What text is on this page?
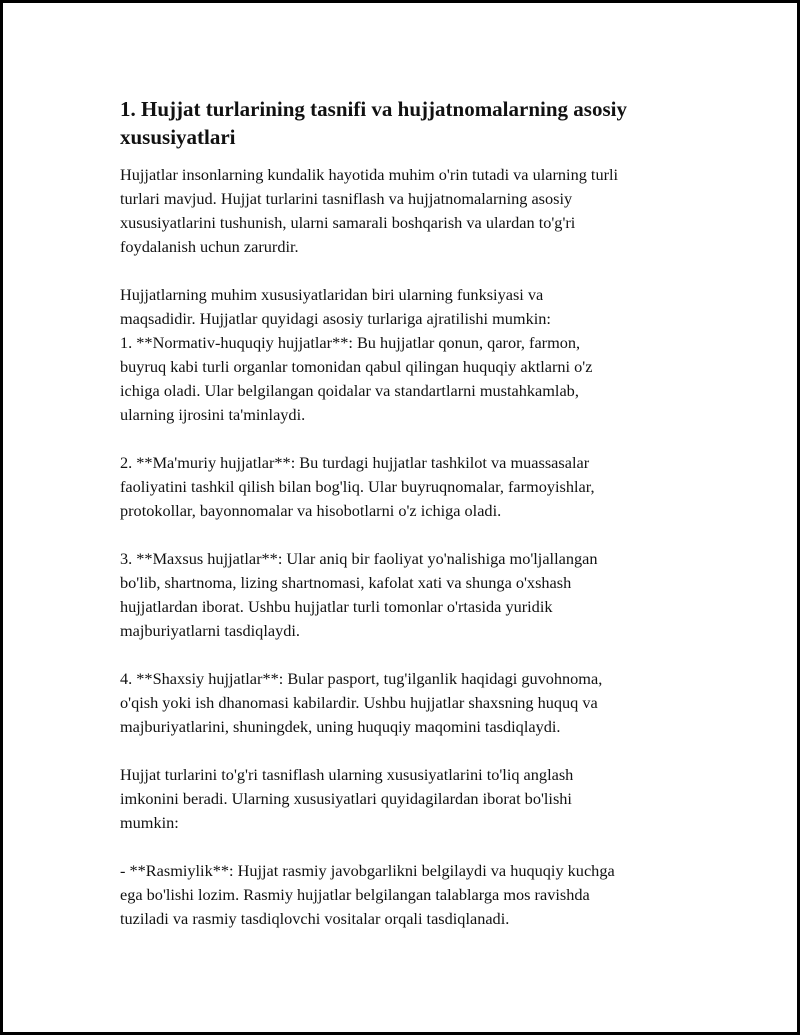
1. Hujjat turlarining tasnifi va hujjatnomalarning asosiy
xususiyatlari

Hujjatlar insonlarning kundalik hayotida muhim o'rin tutadi va ularning turli
turlari mavjud. Hujjat turlarini tasniflash va hujjatnomalarning asosiy
xususiyatlarini tushunish, ularni samarali boshqarish va ulardan to'g'ri
foydalanish uchun zarurdir.

Hujjatlarning muhim xususiyatlaridan biri ularning funksiyasi va
maqsadidir. Hujjatlar quyidagi asosiy turlariga ajratilishi mumkin:
1. **Normativ-huquqiy hujjatlar**: Bu hujjatlar qonun, qaror, farmon,
buyruq kabi turli organlar tomonidan qabul qilingan huquqiy aktlarni o'z
ichiga oladi. Ular belgilangan qoidalar va standartlarni mustahkamlab,
ularning ijrosini ta'minlaydi.

2. **Ma'muriy hujjatlar**: Bu turdagi hujjatlar tashkilot va muassasalar
faoliyatini tashkil qilish bilan bog'liq. Ular buyruqnomalar, farmoyishlar,
protokollar, bayonnomalar va hisobotlarni o'z ichiga oladi.

3. **Maxsus hujjatlar**: Ular aniq bir faoliyat yo'nalishiga mo'ljallangan
bo'lib, shartnoma, lizing shartnomasi, kafolat xati va shunga o'xshash
hujjatlardan iborat. Ushbu hujjatlar turli tomonlar o'rtasida yuridik
majburiyatlarni tasdiqlaydi.

4. **Shaxsiy hujjatlar**: Bular pasport, tug'ilganlik haqidagi guvohnoma,
o'qish yoki ish dhanomasi kabilardir. Ushbu hujjatlar shaxsning huquq va
majburiyatlarini, shuningdek, uning huquqiy maqomini tasdiqlaydi.

Hujjat turlarini to'g'ri tasniflash ularning xususiyatlarini to'liq anglash
imkonini beradi. Ularning xususiyatlari quyidagilardan iborat bo'lishi
mumkin:

- **Rasmiylik**: Hujjat rasmiy javobgarlikni belgilaydi va huquqiy kuchga
ega bo'lishi lozim. Rasmiy hujjatlar belgilangan talablarga mos ravishda
tuziladi va rasmiy tasdiqlovchi vositalar orqali tasdiqlanadi.
